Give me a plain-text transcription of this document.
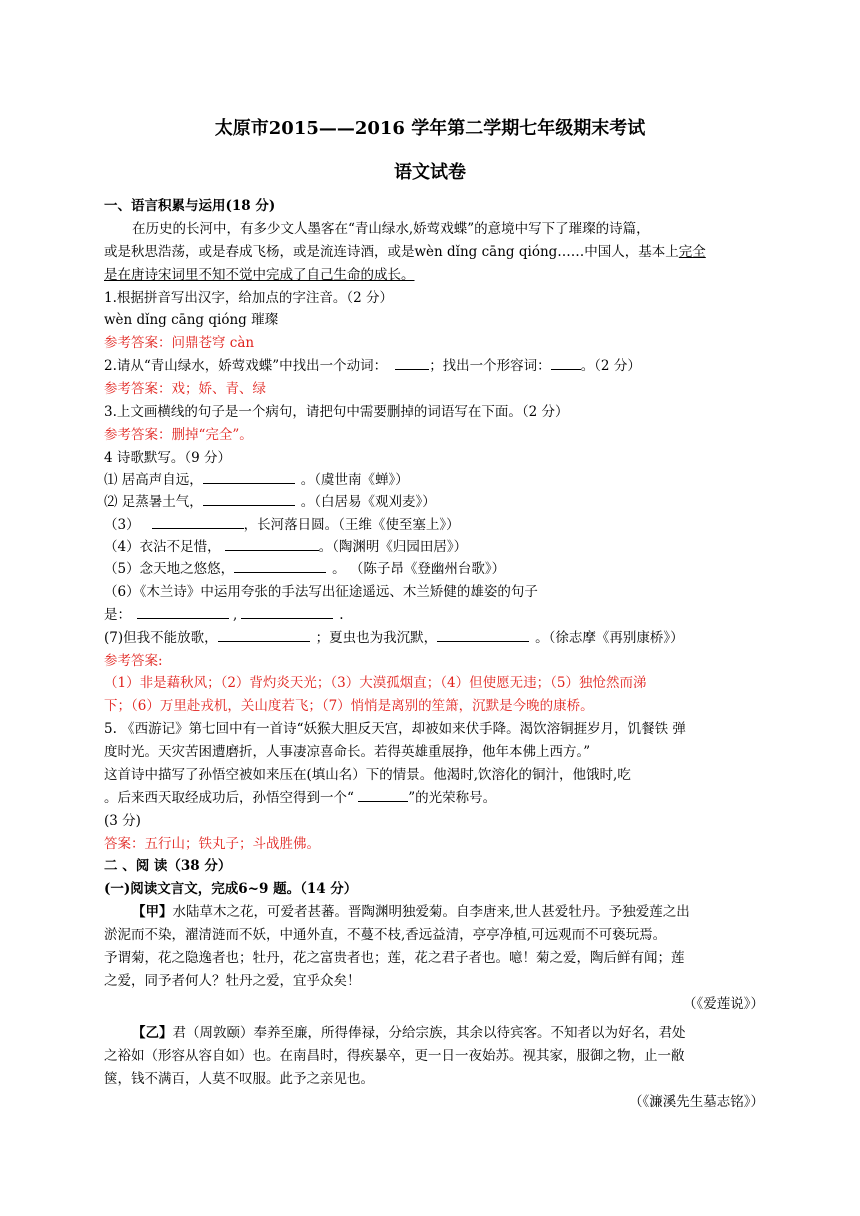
太原市2015——2016 学年第二学期七年级期末考试
语文试卷
一、语言积累与运用(18 分)
在历史的长河中，有多少文人墨客在“青山绿水,娇莺戏蝶”的意境中写下了璀璨的诗篇，
或是秋思浩荡，或是春成飞杨，或是流连诗酒，或是wèn dǐng cāng qióng……中国人，基本上完全
是在唐诗宋词里不知不觉中完成了自己生命的成长。
1.根据拼音写出汉字，给加点的字注音。（2 分）
wèn dǐng cāng qióng 璀璨
参考答案：问鼎苍穹 càn
2.请从“青山绿水，娇莺戏蝶”中找出一个动词：	；找出一个形容词： 。（2 分）
参考答案：戏；娇、青、绿
3.上文画横线的句子是一个病句，请把句中需要删掉的词语写在下面。（2 分）
参考答案：删掉“完全”。
4 诗歌默写。（9 分）
⑴ 居高声自远，	。（虞世南《蝉》）
⑵ 足蒸暑土气，	。（白居易《观刈麦》）
（3）	，长河落日圆。（王维《使至塞上》）
（4）衣沾不足惜，	。（陶渊明《归园田居》）
（5）念天地之悠悠，	。 （陈子昂《登幽州台歌》）
（6）《木兰诗》中运用夸张的手法写出征途遥远、木兰矫健的雄姿的句子
是：	,	.
(7)但我不能放歌，	；夏虫也为我沉默，	。（徐志摩《再别康桥》）
参考答案:
（1）非是藉秋风；（2）背灼炎天光；（3）大漠孤烟直；（4）但使愿无违；（5）独怆然而涕
下；（6）万里赴戎机，关山度若飞；（7）悄悄是离别的笙箫，沉默是今晚的康桥。
5. 《西游记》第七回中有一首诗“妖猴大胆反天宫，却被如来伏手降。渴饮溶铜捱岁月，饥餐铁 弹
度时光。天灾苦困遭磨折，人事凄凉喜命长。若得英雄重展挣，他年本佛上西方。”
这首诗中描写了孙悟空被如来压在(填山名）下的情景。他渴时,饮溶化的铜汁，他饿时,吃
。后来西天取经成功后，孙悟空得到一个“	”的光荣称号。
(3 分)
答案：五行山；铁丸子；斗战胜佛。
二 、阅 读（38 分）
(一)阅读文言文，完成6~9 题。（14 分）
【甲】水陆草木之花，可爱者甚蕃。晋陶渊明独爱菊。自李唐来,世人甚爱牡丹。予独爱莲之出
淤泥而不染，濯清涟而不妖，中通外直，不蔓不枝,香远益清，亭亭净植,可远观而不可亵玩焉。
予谓菊，花之隐逸者也；牡丹，花之富贵者也；莲，花之君子者也。噫！菊之爱，陶后鲜有闻；莲
之爱，同予者何人？牡丹之爱，宜乎众矣！
（《爱莲说》）
【乙】君（周敦颐）奉养至廉，所得俸禄，分给宗族，其余以待宾客。不知者以为好名，君处
之裕如（形容从容自如）也。在南昌时，得疾暴卒，更一日一夜始苏。视其家，服御之物，止一敝
箧，钱不满百，人莫不叹服。此予之亲见也。
（《濂溪先生墓志铭》）
